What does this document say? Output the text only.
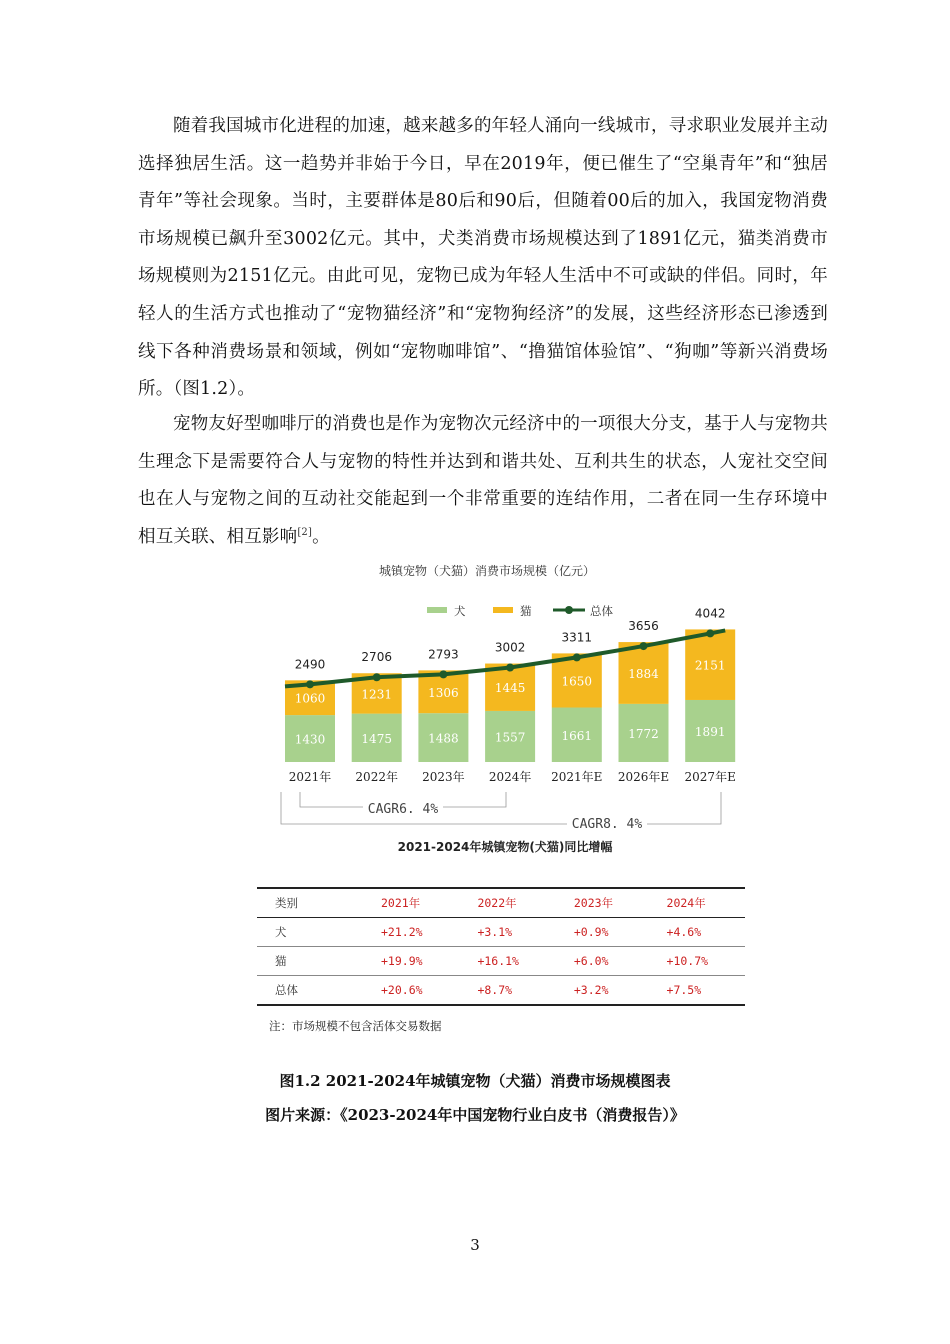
随着我国城市化进程的加速，越来越多的年轻人涌向一线城市，寻求职业发展并主动选择独居生活。这一趋势并非始于今日，早在2019年，便已催生了“空巢青年”和“独居青年”等社会现象。当时，主要群体是80后和90后，但随着00后的加入，我国宠物消费市场规模已飙升至3002亿元。其中，犬类消费市场规模达到了1891亿元，猫类消费市场规模则为2151亿元。由此可见，宠物已成为年轻人生活中不可或缺的伴侣。同时，年轻人的生活方式也推动了“宠物猫经济”和“宠物狗经济”的发展，这些经济形态已渗透到线下各种消费场景和领域，例如“宠物咖啡馆”、“撸猫馆体验馆”、“狗咖”等新兴消费场所。（图1.2）。

宠物友好型咖啡厅的消费也是作为宠物次元经济中的一项很大分支，基于人与宠物共生理念下是需要符合人与宠物的特性并达到和谐共处、互利共生的状态，人宠社交空间也在人与宠物之间的互动社交能起到一个非常重要的连结作用，二者在同一生存环境中相互关联、相互影响[2]。

城镇宠物（犬猫）消费市场规模（亿元）
犬	猫	总体
1430
1060
1475
1231
1488
1306
1557
1445
1661
1650
1772
1884
1891
2151
2490
2706	2793	3002
3311
3656
4042
2021年 2022年 2023年 2024年 2021年E 2026年E 2027年E
CAGR6. 4%
CAGR8. 4%
2021-2024年城镇宠物(犬猫)同比增幅
类别	2021年	2022年	2023年	2024年
犬	+21.2%	+3.1%	+0.9%	+4.6%
猫	+19.9%	+16.1%	+6.0%	+10.7%
总体	+20.6%	+8.7%	+3.2%	+7.5%
注：市场规模不包含活体交易数据
图1.2 2021-2024年城镇宠物（犬猫）消费市场规模图表
图片来源：《2023-2024年中国宠物行业白皮书（消费报告）》
3
